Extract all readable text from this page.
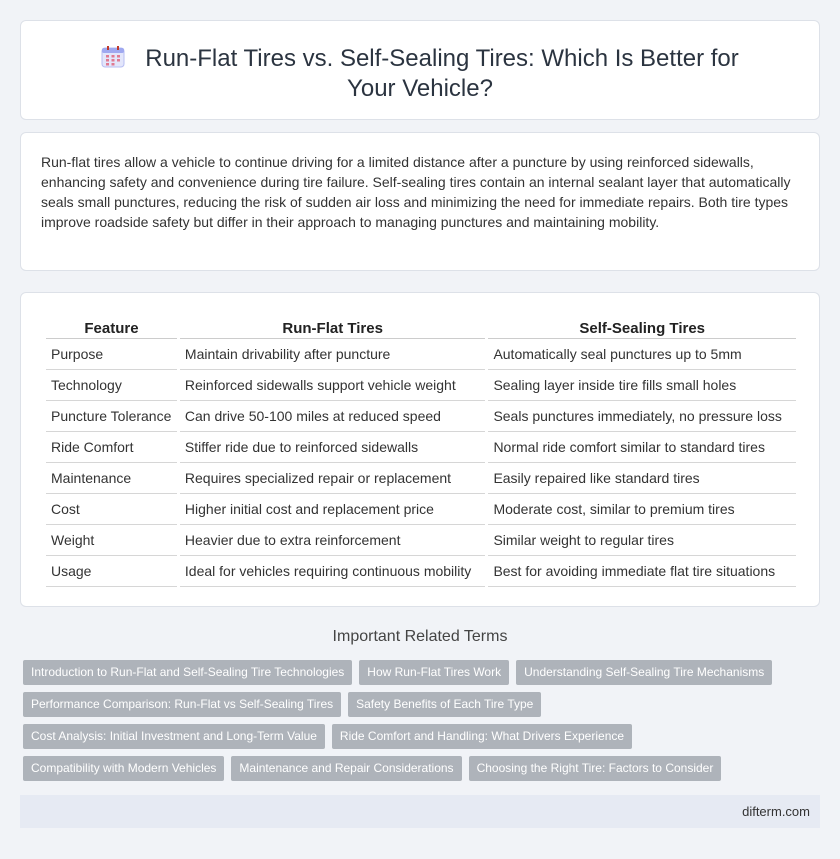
Run-Flat Tires vs. Self-Sealing Tires: Which Is Better for Your Vehicle?

Run-flat tires allow a vehicle to continue driving for a limited distance after a puncture by using reinforced sidewalls, enhancing safety and convenience during tire failure. Self-sealing tires contain an internal sealant layer that automatically seals small punctures, reducing the risk of sudden air loss and minimizing the need for immediate repairs. Both tire types improve roadside safety but differ in their approach to managing punctures and maintaining mobility.

Feature	Run-Flat Tires	Self-Sealing Tires
Purpose	Maintain drivability after puncture	Automatically seal punctures up to 5mm
Technology	Reinforced sidewalls support vehicle weight	Sealing layer inside tire fills small holes
Puncture Tolerance	Can drive 50-100 miles at reduced speed	Seals punctures immediately, no pressure loss
Ride Comfort	Stiffer ride due to reinforced sidewalls	Normal ride comfort similar to standard tires
Maintenance	Requires specialized repair or replacement	Easily repaired like standard tires
Cost	Higher initial cost and replacement price	Moderate cost, similar to premium tires
Weight	Heavier due to extra reinforcement	Similar weight to regular tires
Usage	Ideal for vehicles requiring continuous mobility	Best for avoiding immediate flat tire situations
Important Related Terms
Introduction to Run-Flat and Self-Sealing Tire Technologies	How Run-Flat Tires Work	Understanding Self-Sealing Tire Mechanisms
Performance Comparison: Run-Flat vs Self-Sealing Tires	Safety Benefits of Each Tire Type
Cost Analysis: Initial Investment and Long-Term Value	Ride Comfort and Handling: What Drivers Experience
Compatibility with Modern Vehicles	Maintenance and Repair Considerations	Choosing the Right Tire: Factors to Consider
difterm.com
